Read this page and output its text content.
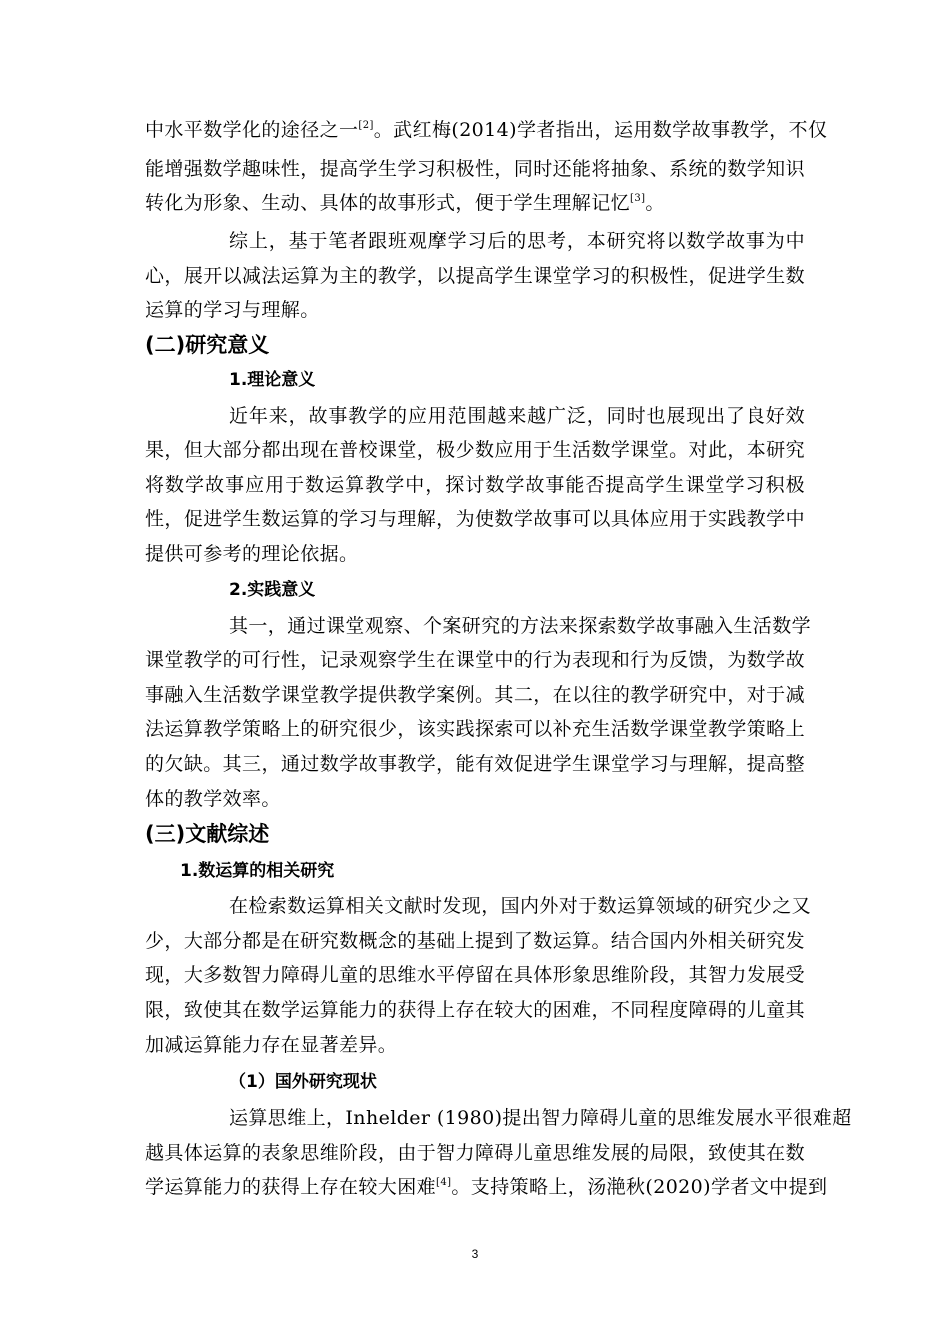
中水平数学化的途径之一[2]。武红梅(2014)学者指出，运用数学故事教学，不仅
能增强数学趣味性，提高学生学习积极性，同时还能将抽象、系统的数学知识
转化为形象、生动、具体的故事形式，便于学生理解记忆[3]。
综上，基于笔者跟班观摩学习后的思考，本研究将以数学故事为中
心，展开以减法运算为主的教学，以提高学生课堂学习的积极性，促进学生数
运算的学习与理解。
(二)研究意义
1.理论意义
近年来，故事教学的应用范围越来越广泛，同时也展现出了良好效
果，但大部分都出现在普校课堂，极少数应用于生活数学课堂。对此，本研究
将数学故事应用于数运算教学中，探讨数学故事能否提高学生课堂学习积极
性，促进学生数运算的学习与理解，为使数学故事可以具体应用于实践教学中
提供可参考的理论依据。
2.实践意义
其一，通过课堂观察、个案研究的方法来探索数学故事融入生活数学
课堂教学的可行性，记录观察学生在课堂中的行为表现和行为反馈，为数学故
事融入生活数学课堂教学提供教学案例。其二，在以往的教学研究中，对于减
法运算教学策略上的研究很少，该实践探索可以补充生活数学课堂教学策略上
的欠缺。其三，通过数学故事教学，能有效促进学生课堂学习与理解，提高整
体的教学效率。
(三)文献综述
1.数运算的相关研究
在检索数运算相关文献时发现，国内外对于数运算领域的研究少之又
少，大部分都是在研究数概念的基础上提到了数运算。结合国内外相关研究发
现，大多数智力障碍儿童的思维水平停留在具体形象思维阶段，其智力发展受
限，致使其在数学运算能力的获得上存在较大的困难，不同程度障碍的儿童其
加减运算能力存在显著差异。
（1）国外研究现状
运算思维上，Inhelder (1980)提出智力障碍儿童的思维发展水平很难超
越具体运算的表象思维阶段，由于智力障碍儿童思维发展的局限，致使其在数
学运算能力的获得上存在较大困难[4]。支持策略上，汤滟秋(2020)学者文中提到
3
